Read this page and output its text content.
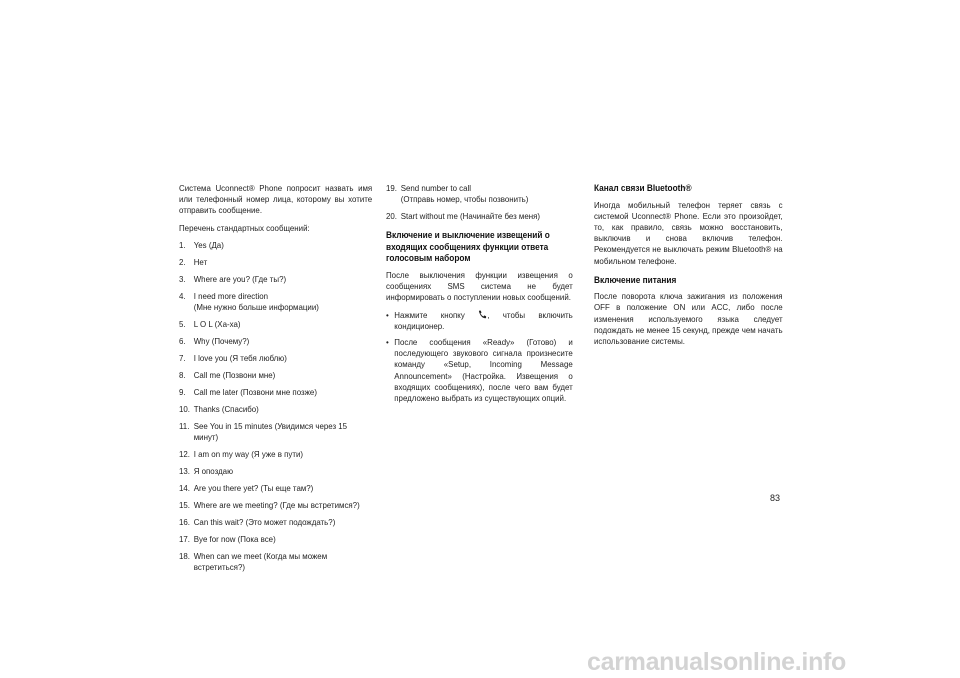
Система Uconnect® Phone попросит назвать имя или телефонный номер лица, которому вы хотите отправить сообщение.

Перечень стандартных сообщений:

1. Yes (Да)
2. Нет
3. Where are you? (Где ты?)
4. I need more direction
(Мне нужно больше информации)
5. L O L (Ха-ха)
6. Why (Почему?)
7. I love you (Я тебя люблю)
8. Call me (Позвони мне)
9. Call me later (Позвони мне позже)
10. Thanks (Спасибо)
11. See You in 15 minutes (Увидимся через 15 минут)
12. I am on my way (Я уже в пути)
13. Я опоздаю
14. Are you there yet? (Ты еще там?)
15. Where are we meeting? (Где мы встретимся?)
16. Can this wait? (Это может подождать?)
17. Bye for now (Пока все)
18. When can we meet (Когда мы можем встретиться?)
19. Send number to call
(Отправь номер, чтобы позвонить)
20. Start without me (Начинайте без меня)
Включение и выключение извещений о входящих сообщениях функции ответа голосовым набором

После выключения функции извещения о сообщениях SMS система не будет информировать о поступлении новых сообщений.

• Нажмите кнопку , чтобы включить кондиционер.
• После сообщения «Ready» (Готово) и последующего звукового сигнала произнесите команду «Setup, Incoming Message Announcement» (Настройка. Извещения о входящих сообщениях), после чего вам будет предложено выбрать из существующих опций.
Канал связи Bluetooth®

Иногда мобильный телефон теряет связь с системой Uconnect® Phone. Если это произойдет, то, как правило, связь можно восстановить, выключив и снова включив телефон. Рекомендуется не выключать режим Bluetooth® на мобильном телефоне.

Включение питания

После поворота ключа зажигания из положения OFF в положение ON или ACC, либо после изменения используемого языка следует подождать не менее 15 секунд, прежде чем начать использование системы.

83
carmanualsonline.info
